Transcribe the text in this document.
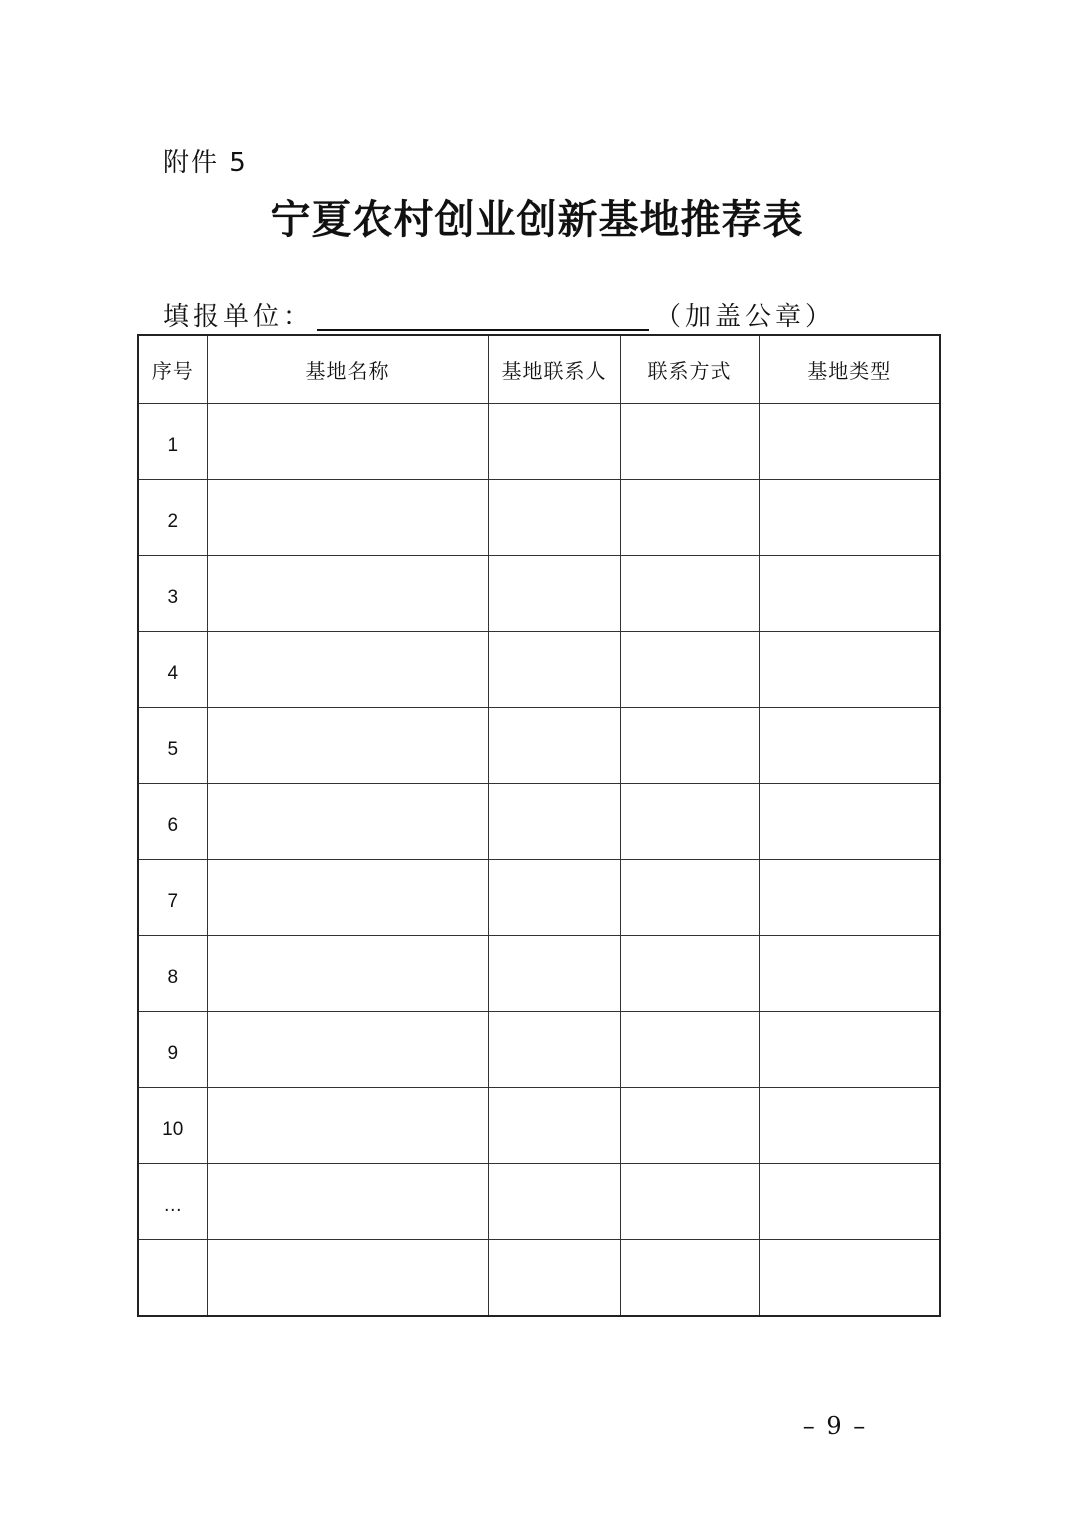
附件 5
宁夏农村创业创新基地推荐表
填报单位：	（加盖公章）
序号	基地名称	基地联系人	联系方式	基地类型
1				
2				
3				
4				
5				
6				
7				
8				
9				
10				
…				

– 9 –
